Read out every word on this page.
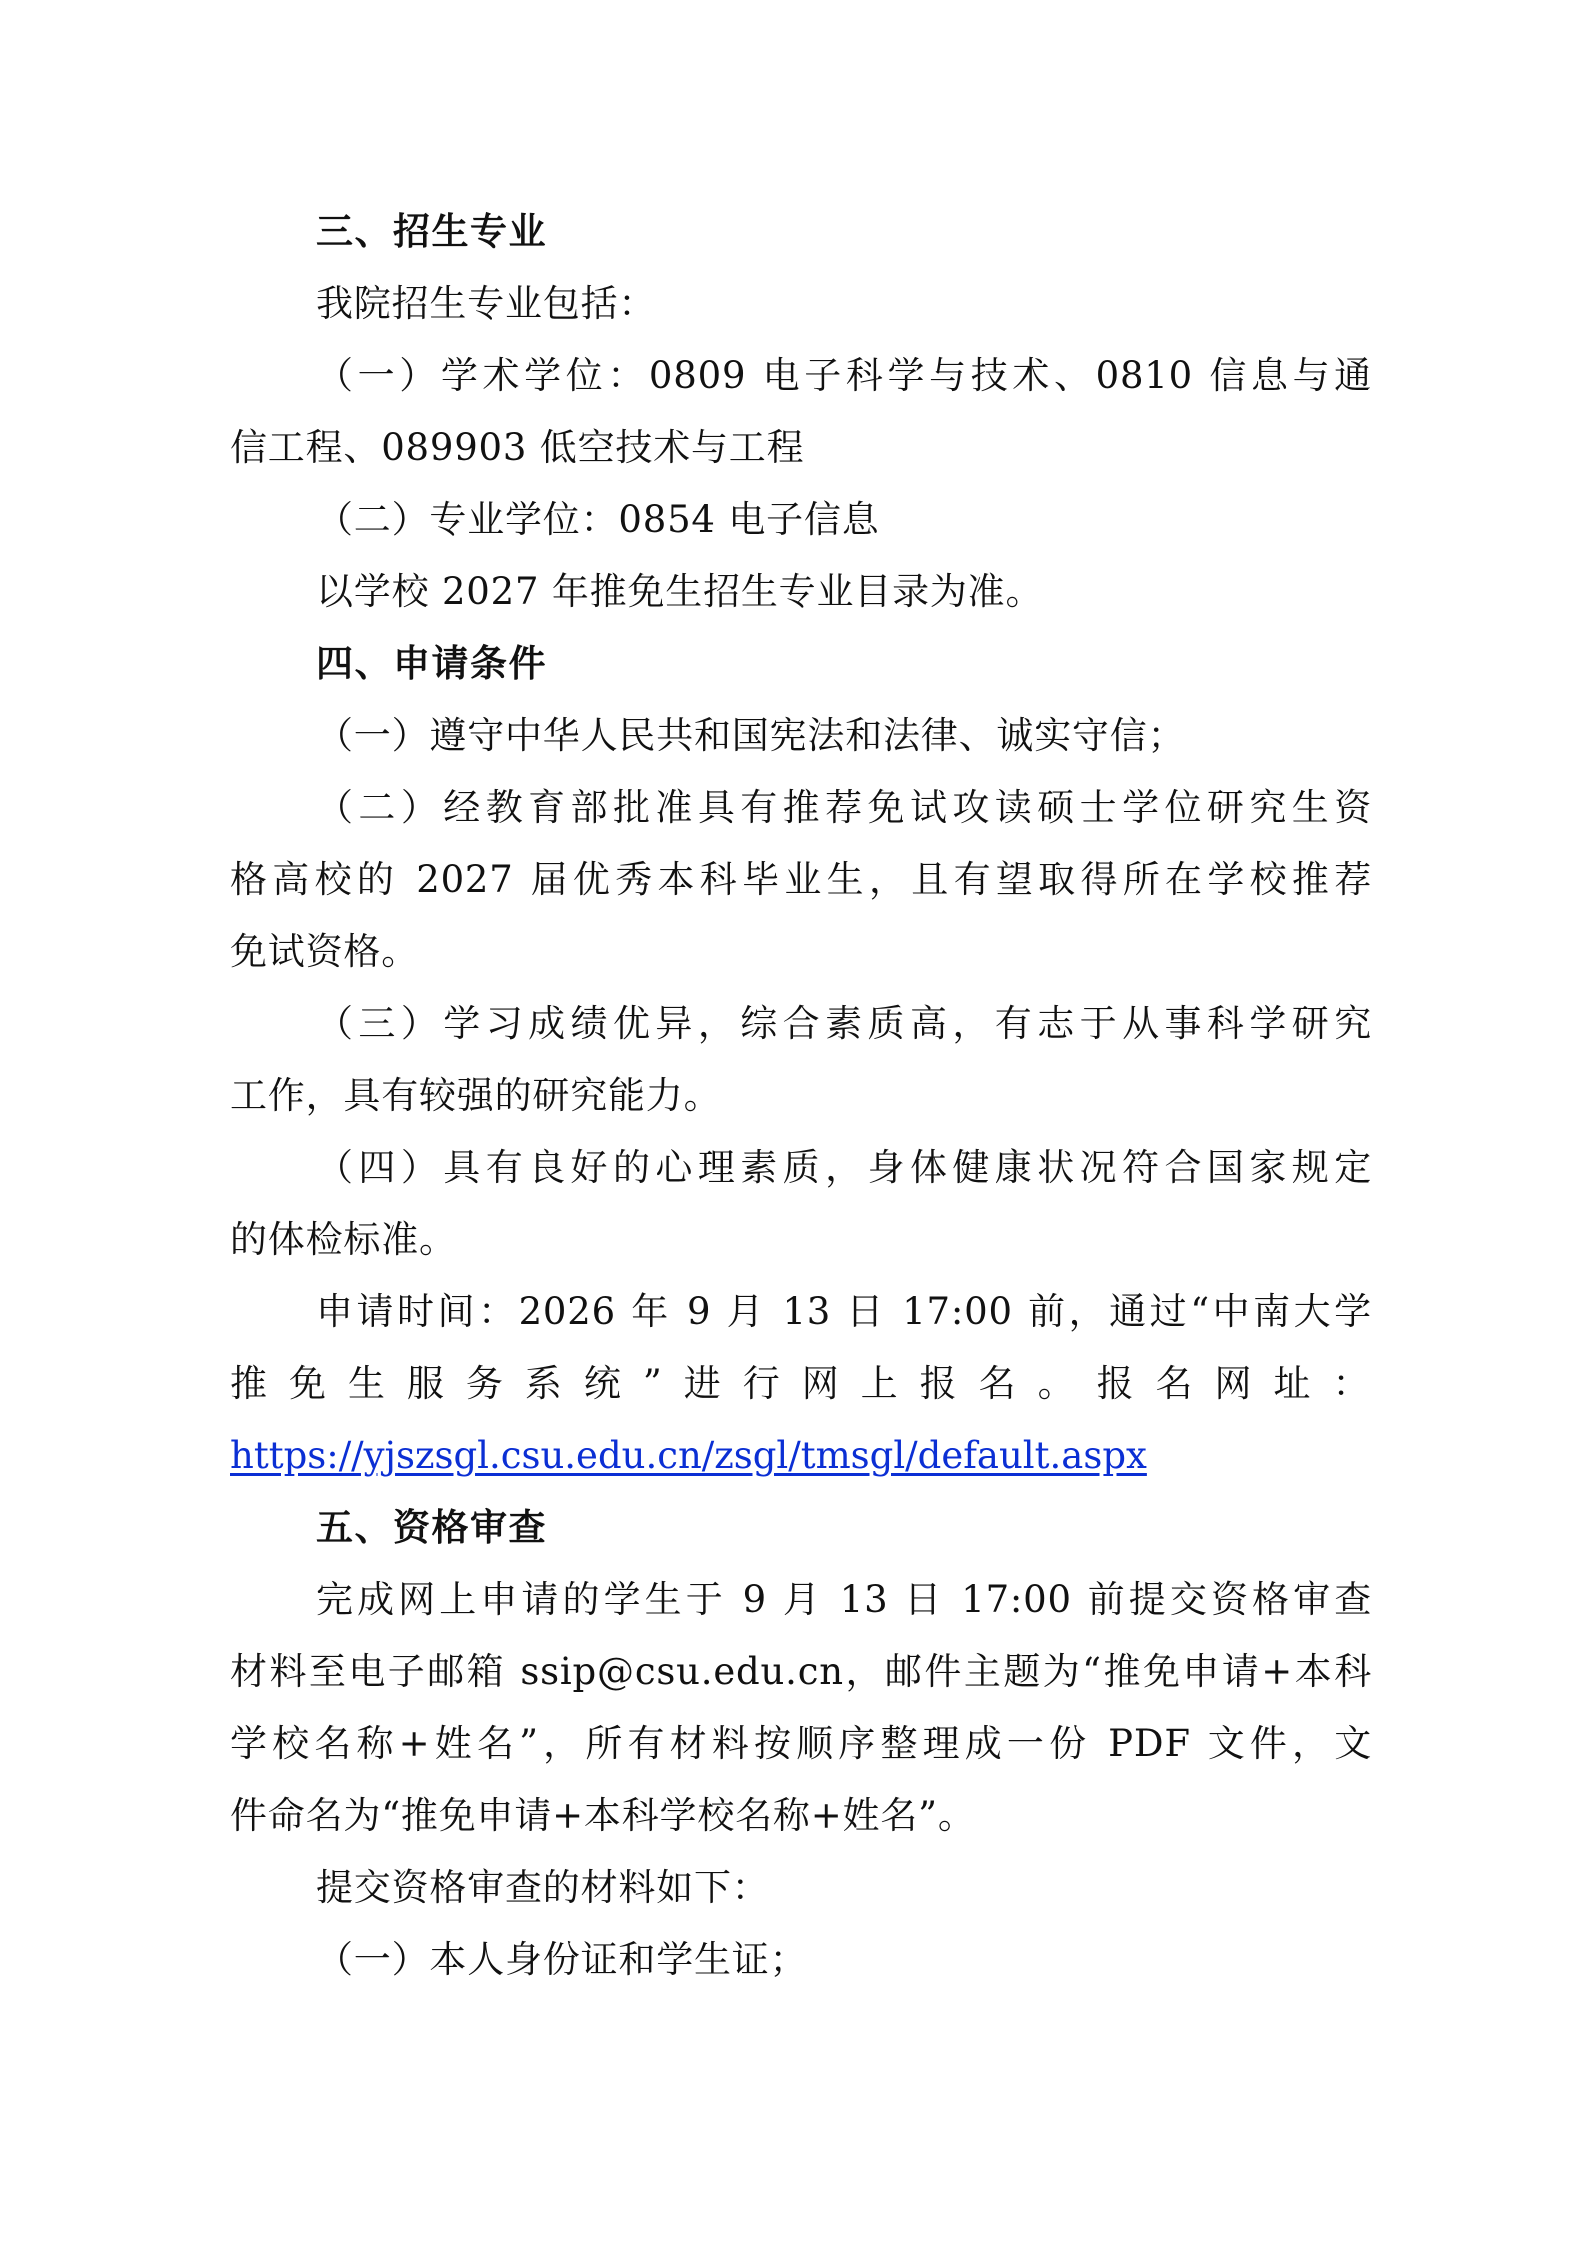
三、招生专业
我院招生专业包括：
（一）学术学位：0809 电子科学与技术、0810 信息与通
信工程、089903 低空技术与工程
（二）专业学位：0854 电子信息
以学校 2027 年推免生招生专业目录为准。
四、申请条件
（一）遵守中华人民共和国宪法和法律、诚实守信；
（二）经教育部批准具有推荐免试攻读硕士学位研究生资
格高校的 2027 届优秀本科毕业生，且有望取得所在学校推荐
免试资格。
（三）学习成绩优异，综合素质高，有志于从事科学研究
工作，具有较强的研究能力。
（四）具有良好的心理素质，身体健康状况符合国家规定
的体检标准。
申请时间：2026 年 9 月 13 日 17:00 前，通过“中南大学
推免生服务系统”进行网上报名。报名网址：
https://yjszsgl.csu.edu.cn/zsgl/tmsgl/default.aspx
五、资格审查
完成网上申请的学生于 9 月 13 日 17:00 前提交资格审查
材料至电子邮箱 ssip@csu.edu.cn，邮件主题为“推免申请+本科
学校名称+姓名”，所有材料按顺序整理成一份 PDF 文件，文
件命名为“推免申请+本科学校名称+姓名”。
提交资格审查的材料如下：
（一）本人身份证和学生证；
